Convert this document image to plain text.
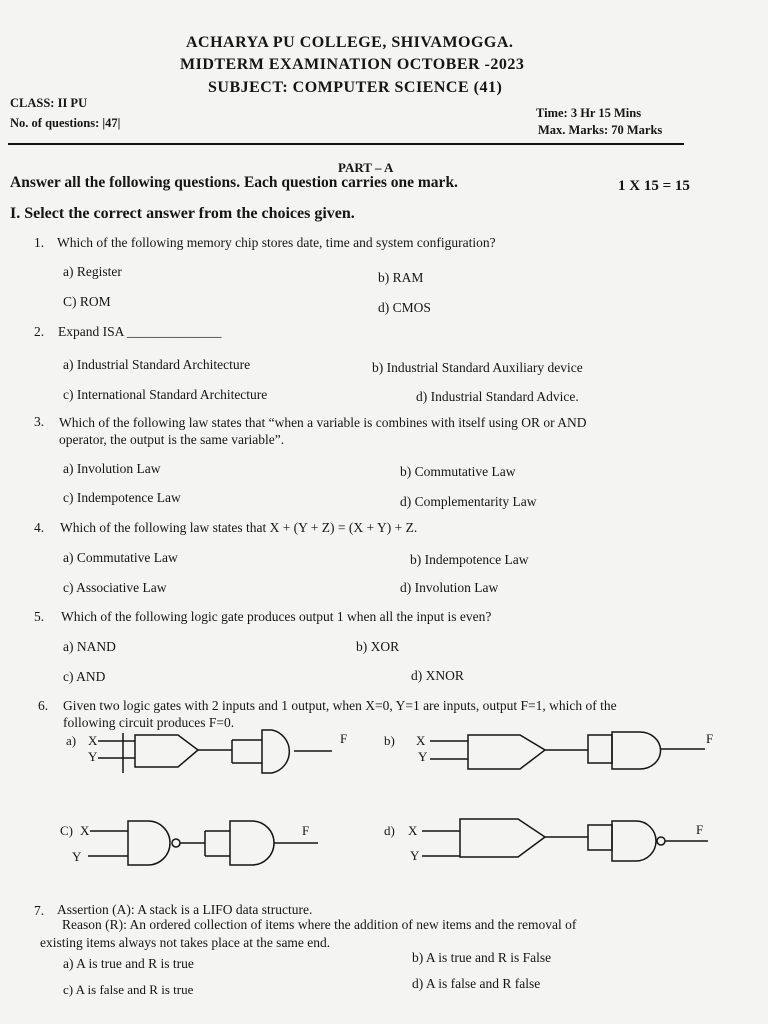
ACHARYA PU COLLEGE, SHIVAMOGGA.
MIDTERM EXAMINATION OCTOBER -2023
SUBJECT: COMPUTER SCIENCE (41)
CLASS: II PU
No. of questions: |47|
Time: 3 Hr 15 Mins
Max. Marks: 70 Marks
PART – A
Answer all the following questions. Each question carries one mark.	1 X 15 = 15
I. Select the correct answer from the choices given.
1. Which of the following memory chip stores date, time and system configuration?
a) Register	b) RAM
C) ROM	d) CMOS
2. Expand ISA ______________
a) Industrial Standard Architecture	b) Industrial Standard Auxiliary device
c) International Standard Architecture	d) Industrial Standard Advice.
3. Which of the following law states that “when a variable is combines with itself using OR or AND
operator, the output is the same variable”.
a) Involution Law	b) Commutative Law
c) Indempotence Law	d) Complementarity Law
4. Which of the following law states that X + (Y + Z) = (X + Y) + Z.
a) Commutative Law	b) Indempotence Law
c) Associative Law	d) Involution Law
5. Which of the following logic gate produces output 1 when all the input is even?
a) NAND	b) XOR
c) AND	d) XNOR
6. Given two logic gates with 2 inputs and 1 output, when X=0, Y=1 are inputs, output F=1, which of the
following circuit produces F=0.
a) X
Y
F	b) X
Y
F
C) X
Y
F	d) X
Y
F
7. Assertion (A): A stack is a LIFO data structure.
Reason (R): An ordered collection of items where the addition of new items and the removal of
existing items always not takes place at the same end.
a) A is true and R is true	b) A is true and R is False
c) A is false and R is true	d) A is false and R false
